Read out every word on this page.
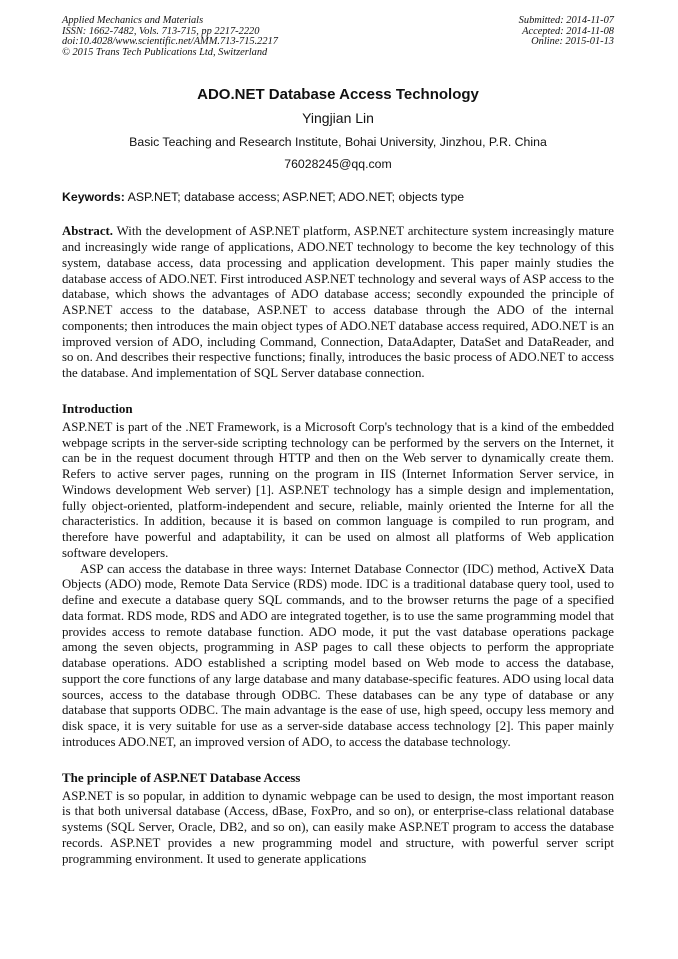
Applied Mechanics and Materials
ISSN: 1662-7482, Vols. 713-715, pp 2217-2220
doi:10.4028/www.scientific.net/AMM.713-715.2217
© 2015 Trans Tech Publications Ltd, Switzerland
Submitted: 2014-11-07
Accepted: 2014-11-08
Online: 2015-01-13
ADO.NET Database Access Technology
Yingjian Lin
Basic Teaching and Research Institute, Bohai University, Jinzhou, P.R. China
76028245@qq.com
Keywords: ASP.NET; database access; ASP.NET; ADO.NET; objects type

Abstract. With the development of ASP.NET platform, ASP.NET architecture system increasingly mature and increasingly wide range of applications, ADO.NET technology to become the key technology of this system, database access, data processing and application development. This paper mainly studies the database access of ADO.NET. First introduced ASP.NET technology and several ways of ASP access to the database, which shows the advantages of ADO database access; secondly expounded the principle of ASP.NET access to the database, ASP.NET to access database through the ADO of the internal components; then introduces the main object types of ADO.NET database access required, ADO.NET is an improved version of ADO, including Command, Connection, DataAdapter, DataSet and DataReader, and so on. And describes their respective functions; finally, introduces the basic process of ADO.NET to access the database. And implementation of SQL Server database connection.

Introduction

ASP.NET is part of the .NET Framework, is a Microsoft Corp's technology that is a kind of the embedded webpage scripts in the server-side scripting technology can be performed by the servers on the Internet, it can be in the request document through HTTP and then on the Web server to dynamically create them. Refers to active server pages, running on the program in IIS (Internet Information Server service, in Windows development Web server) [1]. ASP.NET technology has a simple design and implementation, fully object-oriented, platform-independent and secure, reliable, mainly oriented the Interne for all the characteristics. In addition, because it is based on common language is compiled to run program, and therefore have powerful and adaptability, it can be used on almost all platforms of Web application software developers.

ASP can access the database in three ways: Internet Database Connector (IDC) method, ActiveX Data Objects (ADO) mode, Remote Data Service (RDS) mode. IDC is a traditional database query tool, used to define and execute a database query SQL commands, and to the browser returns the page of a specified data format. RDS mode, RDS and ADO are integrated together, is to use the same programming model that provides access to remote database function. ADO mode, it put the vast database operations package among the seven objects, programming in ASP pages to call these objects to perform the appropriate database operations. ADO established a scripting model based on Web mode to access the database, support the core functions of any large database and many database-specific features. ADO using local data sources, access to the database through ODBC. These databases can be any type of database or any database that supports ODBC. The main advantage is the ease of use, high speed, occupy less memory and disk space, it is very suitable for use as a server-side database access technology [2]. This paper mainly introduces ADO.NET, an improved version of ADO, to access the database technology.

The principle of ASP.NET Database Access

ASP.NET is so popular, in addition to dynamic webpage can be used to design, the most important reason is that both universal database (Access, dBase, FoxPro, and so on), or enterprise-class relational database systems (SQL Server, Oracle, DB2, and so on), can easily make ASP.NET program to access the database records. ASP.NET provides a new programming model and structure, with powerful server script programming environment. It used to generate applications
